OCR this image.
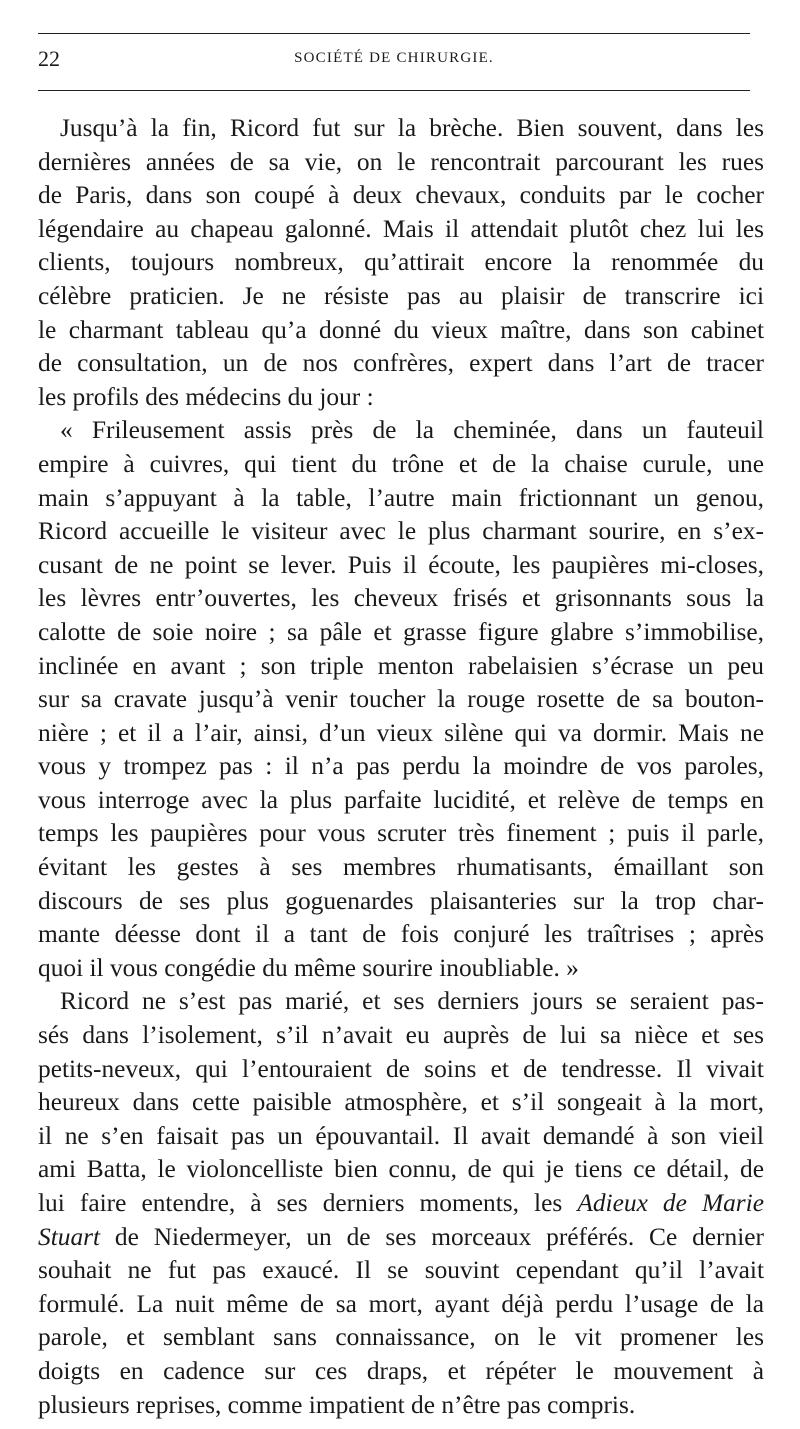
22	SOCIÉTÉ DE CHIRURGIE.
Jusqu’à la fin, Ricord fut sur la brèche. Bien souvent, dans les
dernières années de sa vie, on le rencontrait parcourant les rues
de Paris, dans son coupé à deux chevaux, conduits par le cocher
légendaire au chapeau galonné. Mais il attendait plutôt chez lui les
clients, toujours nombreux, qu’attirait encore la renommée du
célèbre praticien. Je ne résiste pas au plaisir de transcrire ici
le charmant tableau qu’a donné du vieux maître, dans son cabinet
de consultation, un de nos confrères, expert dans l’art de tracer
les profils des médecins du jour :
« Frileusement assis près de la cheminée, dans un fauteuil
empire à cuivres, qui tient du trône et de la chaise curule, une
main s’appuyant à la table, l’autre main frictionnant un genou,
Ricord accueille le visiteur avec le plus charmant sourire, en s’ex-
cusant de ne point se lever. Puis il écoute, les paupières mi-closes,
les lèvres entr’ouvertes, les cheveux frisés et grisonnants sous la
calotte de soie noire ; sa pâle et grasse figure glabre s’immobilise,
inclinée en avant ; son triple menton rabelaisien s’écrase un peu
sur sa cravate jusqu’à venir toucher la rouge rosette de sa bouton-
nière ; et il a l’air, ainsi, d’un vieux silène qui va dormir. Mais ne
vous y trompez pas : il n’a pas perdu la moindre de vos paroles,
vous interroge avec la plus parfaite lucidité, et relève de temps en
temps les paupières pour vous scruter très finement ; puis il parle,
évitant les gestes à ses membres rhumatisants, émaillant son
discours de ses plus goguenardes plaisanteries sur la trop char-
mante déesse dont il a tant de fois conjuré les traîtrises ; après
quoi il vous congédie du même sourire inoubliable. »
Ricord ne s’est pas marié, et ses derniers jours se seraient pas-
sés dans l’isolement, s’il n’avait eu auprès de lui sa nièce et ses
petits-neveux, qui l’entouraient de soins et de tendresse. Il vivait
heureux dans cette paisible atmosphère, et s’il songeait à la mort,
il ne s’en faisait pas un épouvantail. Il avait demandé à son vieil
ami Batta, le violoncelliste bien connu, de qui je tiens ce détail, de
lui faire entendre, à ses derniers moments, les Adieux de Marie
Stuart de Niedermeyer, un de ses morceaux préférés. Ce dernier
souhait ne fut pas exaucé. Il se souvint cependant qu’il l’avait
formulé. La nuit même de sa mort, ayant déjà perdu l’usage de la
parole, et semblant sans connaissance, on le vit promener les
doigts en cadence sur ces draps, et répéter le mouvement à
plusieurs reprises, comme impatient de n’être pas compris.
